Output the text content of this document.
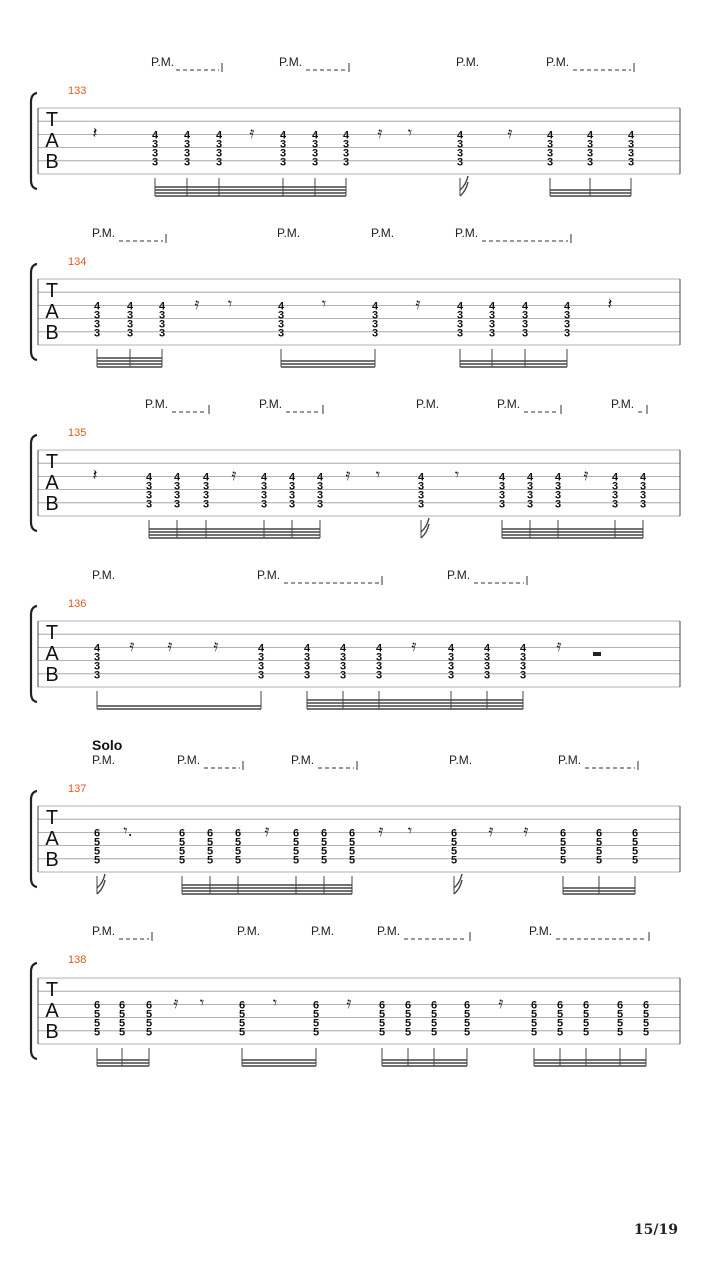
P.M.	P.M.	P.M.	P.M.
133
T
A
B
𝄽	𝄿	𝄿 𝄾	𝄿
4
3
3
3
4
3
3
3
4
3
3
3
4
3
3
3
4
3
3
3
4
3
3
3
4
3
3
3
4
3
3
3
4
3
3
3
4
3
3
3
P.M.	P.M.	P.M.	P.M.
134
T
A
B
𝄿 𝄾	𝄾	𝄿	𝄽
4
3
3
3
4
3
3
3
4
3
3
3
4
3
3
3
4
3
3
3
4
3
3
3
4
3
3
3
4
3
3
3
4
3
3
3
P.M.	P.M.	P.M.	P.M.	P.M.
135
T
A
B
𝄽	𝄿	𝄿 𝄾	𝄾	𝄿
4
3
3
3
4
3
3
3
4
3
3
3
4
3
3
3
4
3
3
3
4
3
3
3
4
3
3
3
4
3
3
3
4
3
3
3
4
3
3
3
4
3
3
3
4
3
3
3
P.M.	P.M.	P.M.
136
T
A
B
𝄿 𝄿	𝄿	𝄿	𝄿
4
3
3
3
4
3
3
3
4
3
3
3
4
3
3
3
4
3
3
3
4
3
3
3
4
3
3
3
4
3
3
3
Solo
P.M.	P.M.	P.M.	P.M.	P.M.
137
T
A
B
𝄾.	𝄿	𝄿 𝄾	𝄿 𝄿
6
5
5
5
6
5
5
5
6
5
5
5
6
5
5
5
6
5
5
5
6
5
5
5
6
5
5
5
6
5
5
5
6
5
5
5
6
5
5
5
6
5
5
5
P.M.	P.M.	P.M.	P.M.	P.M.
138
T
A
B
𝄿 𝄾	𝄾	𝄿	𝄿
6
5
5
5
6
5
5
5
6
5
5
5
6
5
5
5
6
5
5
5
6
5
5
5
6
5
5
5
6
5
5
5
6
5
5
5
6
5
5
5
6
5
5
5
6
5
5
5
6
5
5
5
6
5
5
5
15/19
